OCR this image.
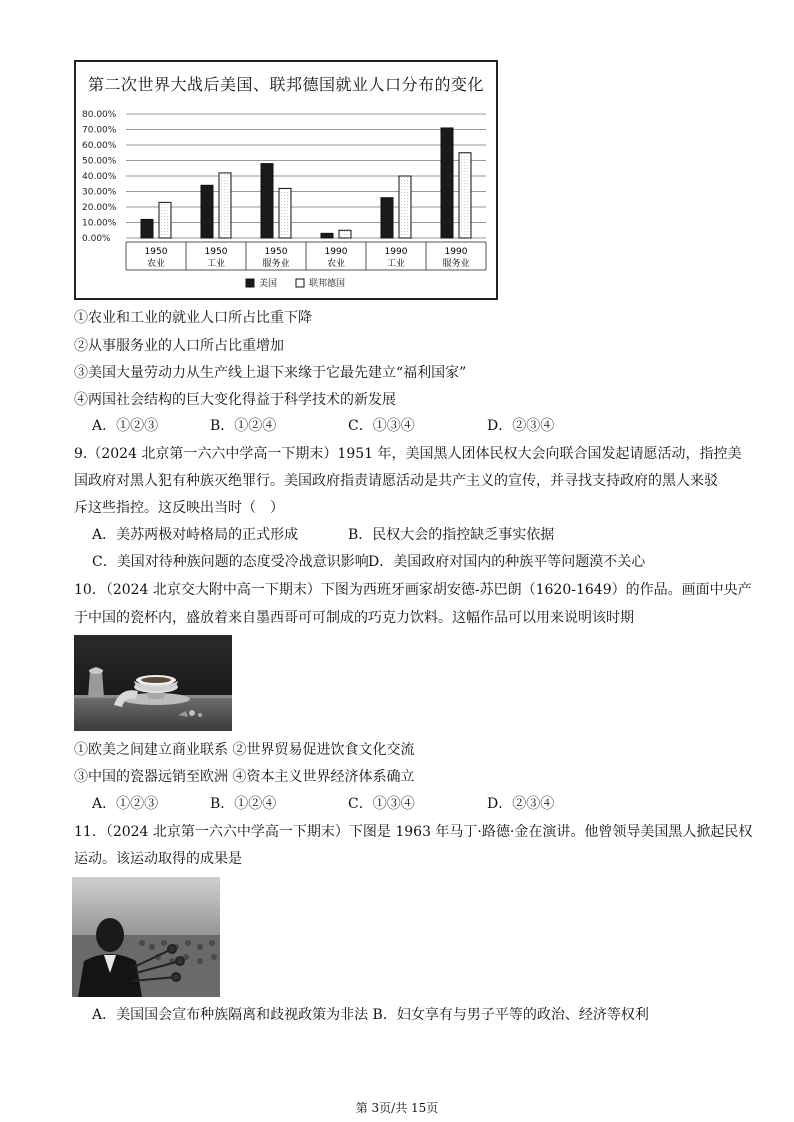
第二次世界大战后美国、联邦德国就业人口分布的变化
0.00%
10.00%
20.00%
30.00%
40.00%
50.00%
60.00%
70.00%
80.00%
1950
农业
1950
工业
1950
服务业
1990
农业
1990
工业
1990
服务业
美国	联邦德国
①农业和工业的就业人口所占比重下降
②从事服务业的人口所占比重增加
③美国大量劳动力从生产线上退下来缘于它最先建立“福利国家”
④两国社会结构的巨大变化得益于科学技术的新发展
A．①②③	B．①②④	C．①③④	D．②③④
9.（2024 北京第一六六中学高一下期末）1951 年，美国黑人团体民权大会向联合国发起请愿活动，指控美
国政府对黑人犯有种族灭绝罪行。美国政府指责请愿活动是共产主义的宣传，并寻找支持政府的黑人来驳
斥这些指控。这反映出当时（　）
A．美苏两极对峙格局的正式形成	B．民权大会的指控缺乏事实依据
C．美国对待种族问题的态度受冷战意识影响 D．美国政府对国内的种族平等问题漠不关心
10．（2024 北京交大附中高一下期末）下图为西班牙画家胡安德-苏巴朗（1620-1649）的作品。画面中央产
于中国的瓷杯内，盛放着来自墨西哥可可制成的巧克力饮料。这幅作品可以用来说明该时期
①欧美之间建立商业联系 ②世界贸易促进饮食文化交流
③中国的瓷器远销至欧洲 ④资本主义世界经济体系确立
A．①②③	B．①②④	C．①③④	D．②③④
11．（2024 北京第一六六中学高一下期末）下图是 1963 年马丁·路德·金在演讲。他曾领导美国黑人掀起民权
运动。该运动取得的成果是
A．美国国会宣布种族隔离和歧视政策为非法 B．妇女享有与男子平等的政治、经济等权利
第 3页/共 15页
